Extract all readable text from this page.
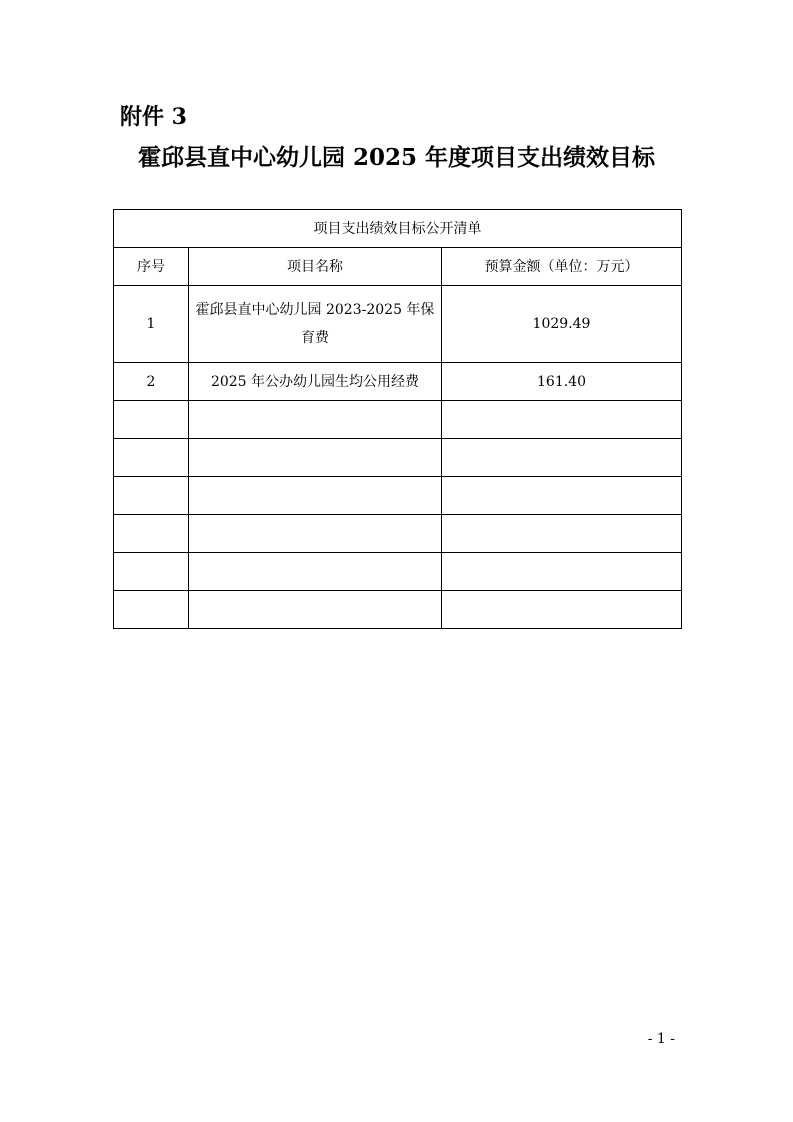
附件 3
霍邱县直中心幼儿园 2025 年度项目支出绩效目标
项目支出绩效目标公开清单		
序号	项目名称	预算金额（单位：万元）
1	霍邱县直中心幼儿园 2023-2025 年保育费	1029.49
2	2025 年公办幼儿园生均公用经费	161.40

- 1 -
